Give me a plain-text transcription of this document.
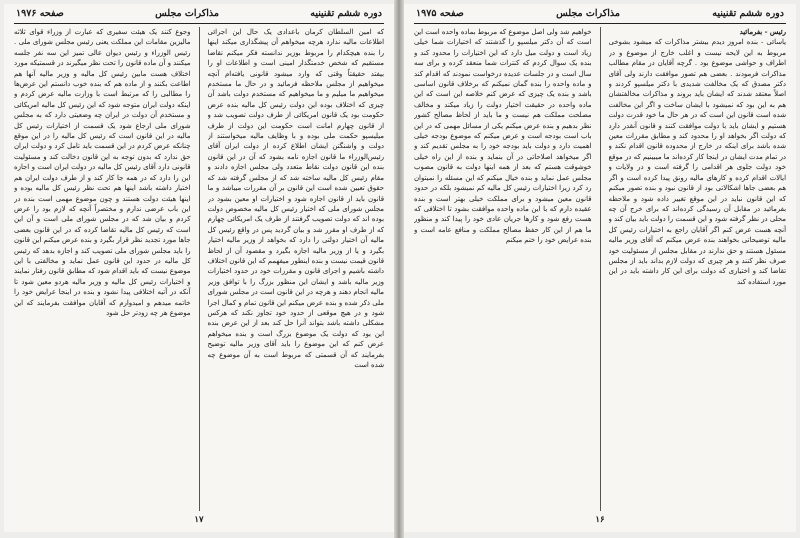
دوره ششم تقنینیه
مذاکرات مجلس
صفحه ۱۹۷۶

که امین السلطان کرمان باعدادی یک حال این اجرائی اطلاعات مالیه ندارد هرچه میخواهم آن پیشگذاری میکند اینها را بنده هیچکدام را مربوط بوزیر ندانسته فکر میکنم تقاضا مستقیم که شخص خدمتگذار امینی است و اطلاعات او را بیفتد حقیقتاً وقتی که وارد میشود قانونی یافته‌ام آنچه میخواهیم از مجلس ملاحظه فرمائید و در حال ما مستخدم میخواهیم ما میلیم و ما میخواهیم که مستخدم دولت باشد آن چیزی که اختلاف بوده این دولت رئیس کل مالیه بنده عرض حکومت بود یک قانون امریکائی از طرف دولت تصویب شد و از قانون چهارم امانت است حکومت این دولت از طرف میلیسپو حکمت ملی بوده و با وظایف مالیه میخواستند از دولت و واشنگتن ایشان اطلاع کرده از دولت ایران آقای رئیس‌الوزراء ما قانون اجازه نامه بشود که آن در این قانون بنده این قانون دولت نقاط متعدد ولی مجلس اجازه دادند و مقام رئیس کل مالیه ساخته شد که از مجلس گرفته شد که حقوق تعیین شده است این قانون بر آن مقررات میباشد و ما قانون باید از قانون اجازه شود و اختیارات او معین بشود در مجلس شورای ملی که اختیار رئیس کل مالیه مخصوص دولت بوده اند که دولت تصویب گرفتند از طرف یک امریکائی چهارم که از طرف او مقرر شد و بیان گردید پس در واقع رئیس کل مالیه آن اختیار دولتی را دارد که بخواهد از وزیر مالیه اختیار بگیرد و یا از وزیر مالیه اجازه بگیرد و مقصود آن از لحاظ قانون قیمت نیست و بنده اینطور میفهمم که این قانون اختلاف داشته باشیم و اجرای قانون و مقررات خود در حدود اختیارات وزیر مالیه باشد و ایشان این منظور بزرگ را با توافق وزیر مالیه انجام دهند و هرچه در این قانون است در مجلس شورای ملی ذکر شده و بنده عرض میکنم این قانون تمام و کمال اجرا شود و در هیچ موقعی از حدود خود تجاوز نکند که هرکس مشکلی داشته باشد بتواند آنرا حل کند بعد از این عرض بنده این بود که دولت یک موضوع بزرگ است و بنده میخواهم عرض کنم که این موضوع را باید آقای وزیر مالیه توضیح بفرمایند که آن قسمتی که مربوط است به آن موضوع چه شده است

وجوع کنند یک هیئت سفیری که عبارت از وزراء قوای ثلاثه مالیزین مقامات این مملکت یعنی رئیس مجلس شورای ملی . رئیس الوزراء و رئیس دیوان عالی تمیز این سه نفر جلسه میکنند و آن ماده قانون را تحت نظر میگیرند در قسمتیکه مورد اختلاف هست مابین رئیس کل مالیه و وزیر مالیه آنها هم اطاعت بکنند و از ماده هم که بنده خوب دانستم این عرض‌ها را مطالبی را که مرتبط است با وزارت مالیه عرض کردم و اینکه دولت ایران متوجه شود که این رئیس کل مالیه امریکائی و مستخدم آن دولت در ایران چه وضعیتی دارد که به مجلس شورای ملی ارجاع شود یک قسمت از اختیارات رئیس کل مالیه در این قانون است که رئیس کل مالیه را در این موقع چنانکه عرض کردم در این قسمت باید تامل کرد و دولت ایران حق ندارد که بدون توجه به این قانون دخالت کند و مسئولیت قانونی دارد آقای رئیس کل مالیه در دولت ایران است و اجازه این را دارد که در همه جا کار کند و از طرف دولت ایران هم اختیار داشته باشد اینها هم تحت نظر رئیس کل مالیه بوده و اینها هیئت دولت هستند و چون موضوع مهمی است بنده در این باب عرضی ندارم و مختصراً آنچه که لازم بود را عرض کردم و بیان شد که در مجلس شورای ملی است و آن این است که رئیس کل مالیه تقاضا کرده که در این قانون بعضی جاها مورد تجدید نظر قرار بگیرد و بنده عرض میکنم این قانون را باید مجلس شورای ملی تصویب کند و اجازه بدهد که رئیس کل مالیه در حدود این قانون عمل نماید و مخالفتی با این موضوع نیست که باید اقدام شود که مطابق قانون رفتار نمایند و اختیارات رئیس کل مالیه و وزیر مالیه هردو معین شود تا آنکه در آتیه اختلافی پیدا نشود و بنده در اینجا عرایض خود را خاتمه میدهم و امیدوارم که آقایان موافقت بفرمایند که این موضوع هر چه زودتر حل شود

۱۷
دوره ششم تقنینیه
مذاکرات مجلس
صفحه ۱۹۷۵

رئیس - بفرمائید

یاسائی - بنده امروز دیدم بیشتر مذاکرات که میشود بشوخی مربوط به این لایحه نیست و اغلب خارج از موضوع و در اطراف و حواشی موضوع بود . گرچه آقایان در مقام مطالب مذاکرات فرمودند . بعضی هم تصور موافقت دارند ولی آقای دکتر مصدق که یک مخالفت شدیدی با دکتر میلسپو کردند و اصلاً معتقد شدند که ایشان باید بروند و مذاکرات مخالفتشان هم به این بود که نمیشود با ایشان ساخت و اگر این مخالفت شده است قانون این است که در هر حال ما خود قدرت دولت هستیم و ایشان باید با دولت موافقت کنند و قانون آنقدر دارد که دولت اگر بخواهد او را محدود کند و مطابق مقررات معین شده باشد برای اینکه در خارج از محدوده قانون اقدام نکند و در تمام مدت ایشان در اینجا کار کرده‌اند ما میبینیم که در موقع خود دولت جلوی هر اقدامی را گرفته است و در ولایات و ایالات اقدام کرده و کارهای مالیه رونق پیدا کرده است و اگر هم بعضی جاها اشکالاتی بود از قانون نبود و بنده تصور میکنم که این قانون نباید در این موقع تغییر داده شود و ملاحظه بفرمائید در مقابل آن رسیدگی کرده‌اند که برای خرج آن چه محلی در نظر گرفته شود و این قسمت را دولت باید بیان کند و آنچه هست عرض کنم اگر آقایان راجع به اختیارات رئیس کل مالیه توضیحاتی بخواهند بنده عرض میکنم که آقای وزیر مالیه مسئول هستند و حق ندارند در مقابل مجلس از مسئولیت خود صرف نظر کنند و هر چیزی که دولت لازم بداند باید از مجلس تقاضا کند و اختیاری که دولت برای این کار داشته باید در این مورد استفاده کند

خواهیم شد ولی اصل موضوع که مربوط بماده واحده است این است که آن دکتر میلسپو را گذشتند که اختیارات شما خیلی زیاد است و دولت میل دارد که این اختیارات را محدود کند و بنده یک سوال کردم که کنترات شما منعقد کرده و برای سه سال است و در جلسات عدیده درخواست نمودند که اقدام کند و ماده واحده را بنده گمان نمیکنم که برخلاف قانون اساسی باشد و بنده یک چیزی که عرض کنم خلاصه این است که این ماده واحده در حقیقت اختیار دولت را زیاد میکند و مخالف مصلحت مملکت هم نیست و ما باید از لحاظ مصالح کشور نظر بدهیم و بنده عرض میکنم یکی از مسائل مهمی که در این باب است بودجه است و عرض میکنم که موضوع بودجه خیلی اهمیت دارد و دولت باید بودجه خود را به مجلس تقدیم کند و اگر میخواهد اصلاحاتی در آن بنماید و بنده از این راه خیلی خوشوقت هستم که بعد از همه اینها دولت به قانون مصوب مجلس عمل نماید و بنده خیال میکنم که این مسئله را نمیتوان رد کرد زیرا اختیارات رئیس کل مالیه کم نمیشود بلکه در حدود قانون معین میشود و برای مملکت خیلی بهتر است و بنده عقیده دارم که با این ماده واحده موافقت بشود تا اختلافی که هست رفع شود و کارها جریان عادی خود را پیدا کند و منظور ما هم از این کار حفظ مصالح مملکت و منافع عامه است و بنده عرایض خود را ختم میکنم

۱۶
